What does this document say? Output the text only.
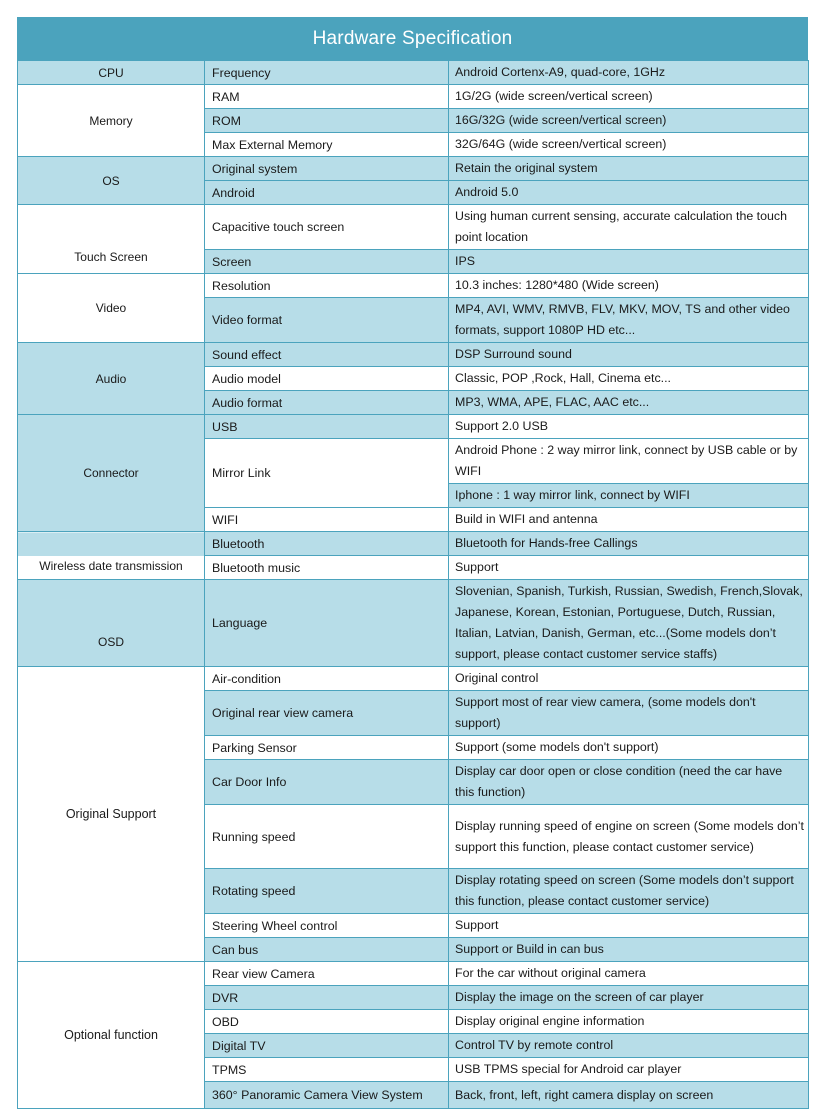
Hardware Specification
CPU	Frequency	Android Cortenx-A9, quad-core, 1GHz
Memory	RAM	1G/2G (wide screen/vertical screen)
	ROM	16G/32G (wide screen/vertical screen)
	Max External Memory	32G/64G (wide screen/vertical screen)
OS	Original system	Retain the original system
	Android	Android 5.0
Touch Screen	Capacitive touch screen	Using human current sensing, accurate calculation the touch point location
	Screen	IPS
Video	Resolution	10.3 inches: 1280*480 (Wide screen)
	Video format	MP4, AVI, WMV, RMVB, FLV, MKV, MOV, TS and other video formats, support 1080P HD etc...
Audio	Sound effect	DSP Surround sound
	Audio model	Classic, POP ,Rock, Hall, Cinema etc...
	Audio format	MP3, WMA, APE, FLAC, AAC etc...
Connector	USB	Support 2.0 USB
	Mirror Link	Android Phone : 2 way mirror link, connect by USB cable or by WIFI
		Iphone : 1 way mirror link, connect by WIFI
	WIFI	Build in WIFI and antenna
Wireless date transmission	Bluetooth	Bluetooth for Hands-free Callings
	Bluetooth music	Support
OSD	Language	Slovenian, Spanish, Turkish, Russian, Swedish, French,Slovak, Japanese, Korean, Estonian, Portuguese, Dutch, Russian, Italian, Latvian, Danish, German, etc...(Some models don’t support, please contact customer service staffs)
Original Support	Air-condition	Original control
	Original rear view camera	Support most of rear view camera, (some models don't support)
	Parking Sensor	Support (some models don't support)
	Car Door Info	Display car door open or close condition (need the car have this function)
	Running speed	Display running speed of engine on screen (Some models don’t support this function, please contact customer service)
	Rotating speed	Display rotating speed on screen (Some models don’t support this function, please contact customer service)
	Steering Wheel control	Support
	Can bus	Support or Build in can bus
Optional function	Rear view Camera	For the car without original camera
	DVR	Display the image on the screen of car player
	OBD	Display original engine information
	Digital TV	Control TV by remote control
	TPMS	USB TPMS special for Android car player
	360° Panoramic Camera View System	Back, front, left, right camera display on screen
